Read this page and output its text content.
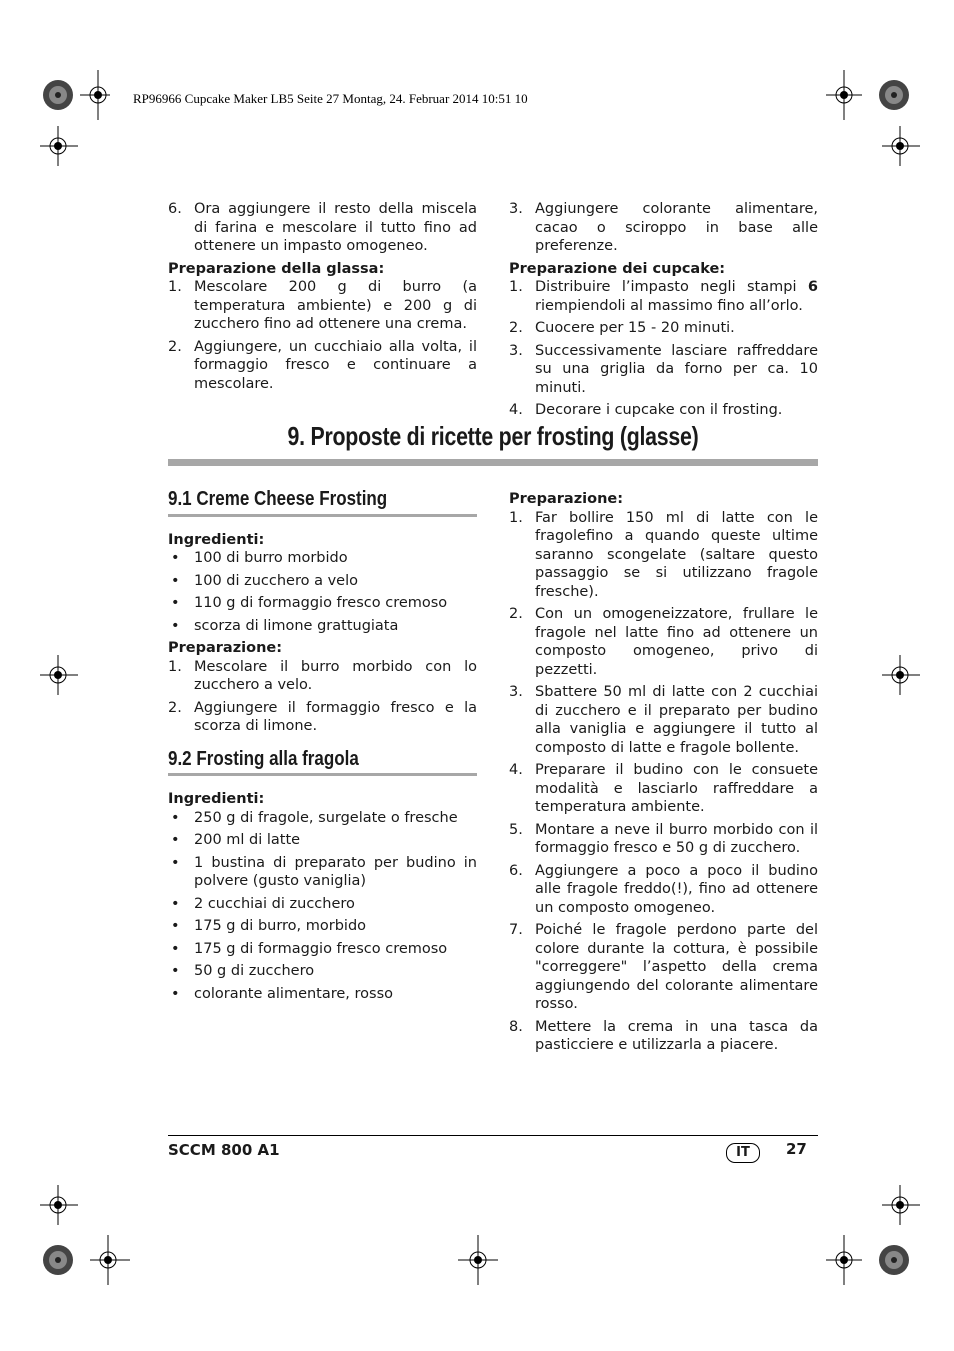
RP96966 Cupcake Maker LB5 Seite 27 Montag, 24. Februar 2014 10:51 10
6. Ora aggiungere il resto della miscela di farina e mescolare il tutto fino ad ottenere un impasto omogeneo.

Preparazione della glassa:

1. Mescolare 200 g di burro (a temperatura ambiente) e 200 g di zucchero fino ad ottenere una crema.
2. Aggiungere, un cucchiaio alla volta, il formaggio fresco e continuare a mescolare.
3. Aggiungere colorante alimentare, cacao o sciroppo in base alle preferenze.

Preparazione dei cupcake:

1. Distribuire l’impasto negli stampi 6 riempiendoli al massimo fino all’orlo.
2. Cuocere per 15 - 20 minuti.
3. Successivamente lasciare raffreddare su una griglia da forno per ca. 10 minuti.
4. Decorare i cupcake con il frosting.
9. Proposte di ricette per frosting (glasse)
9.1 Creme Cheese Frosting

Ingredienti:

• 100 di burro morbido
• 100 di zucchero a velo
• 110 g di formaggio fresco cremoso
• scorza di limone grattugiata

Preparazione:

1. Mescolare il burro morbido con lo zucchero a velo.
2. Aggiungere il formaggio fresco e la scorza di limone.
9.2 Frosting alla fragola

Ingredienti:

• 250 g di fragole, surgelate o fresche
• 200 ml di latte
• 1 bustina di preparato per budino in polvere (gusto vaniglia)
• 2 cucchiai di zucchero
• 175 g di burro, morbido
• 175 g di formaggio fresco cremoso
• 50 g di zucchero
• colorante alimentare, rosso

Preparazione:

1. Far bollire 150 ml di latte con le fragolefino a quando queste ultime saranno scongelate (saltare questo passaggio se si utilizzano fragole fresche).
2. Con un omogeneizzatore, frullare le fragole nel latte fino ad ottenere un composto omogeneo, privo di pezzetti.
3. Sbattere 50 ml di latte con 2 cucchiai di zucchero e il preparato per budino alla vaniglia e aggiungere il tutto al composto di latte e fragole bollente.
4. Preparare il budino con le consuete modalità e lasciarlo raffreddare a temperatura ambiente.
5. Montare a neve il burro morbido con il formaggio fresco e 50 g di zucchero.
6. Aggiungere a poco a poco il budino alle fragole freddo(!), fino ad ottenere un composto omogeneo.
7. Poiché le fragole perdono parte del colore durante la cottura, è possibile "correggere" l’aspetto della crema aggiungendo del colorante alimentare rosso.
8. Mettere la crema in una tasca da pasticciere e utilizzarla a piacere.
SCCM 800 A1	IT	27
